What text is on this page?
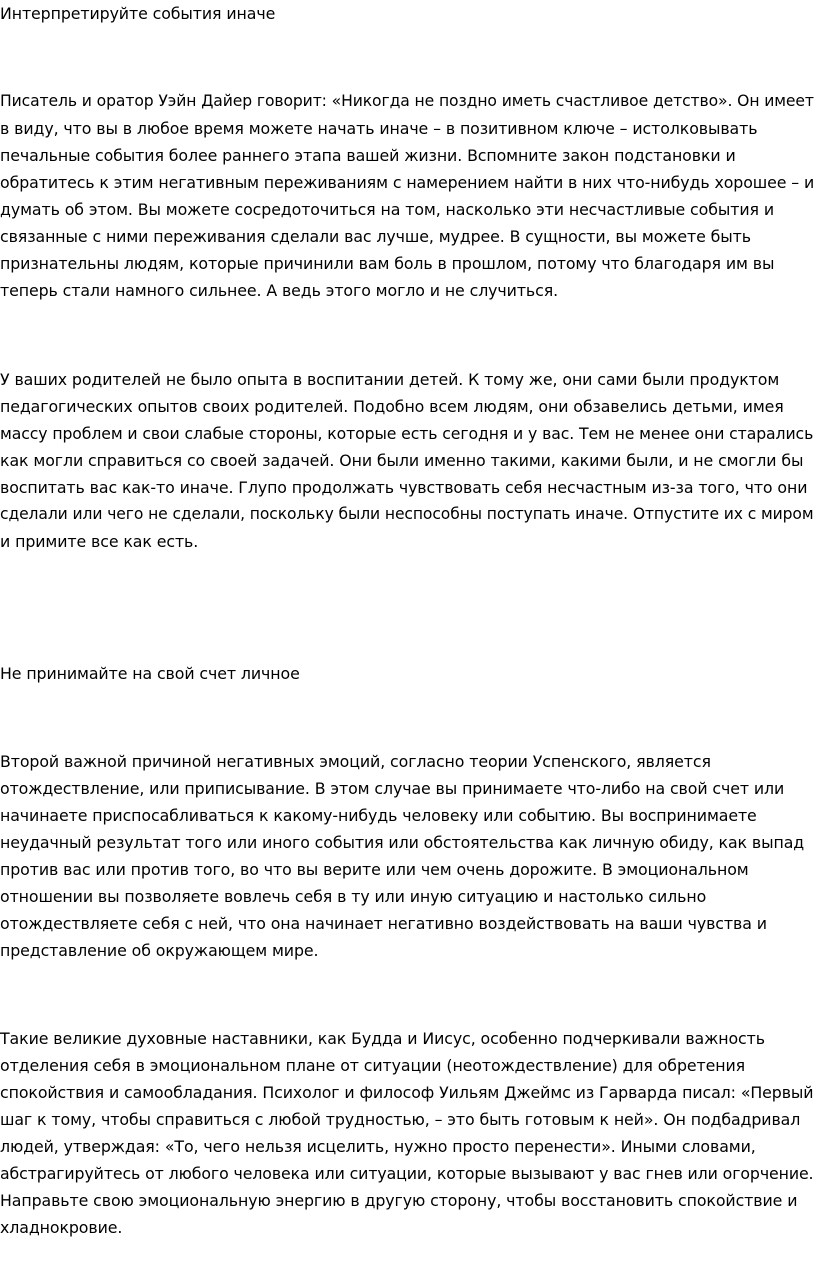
Интерпретируйте события иначе

Писатель и оратор Уэйн Дайер говорит: «Никогда не поздно иметь счастливое детство». Он имеет

в виду, что вы в любое время можете начать иначе – в позитивном ключе – истолковывать

печальные события более раннего этапа вашей жизни. Вспомните закон подстановки и

обратитесь к этим негативным переживаниям с намерением найти в них что-нибудь хорошее – и

думать об этом. Вы можете сосредоточиться на том, насколько эти несчастливые события и

связанные с ними переживания сделали вас лучше, мудрее. В сущности, вы можете быть

признательны людям, которые причинили вам боль в прошлом, потому что благодаря им вы

теперь стали намного сильнее. А ведь этого могло и не случиться.

У ваших родителей не было опыта в воспитании детей. К тому же, они сами были продуктом

педагогических опытов своих родителей. Подобно всем людям, они обзавелись детьми, имея

массу проблем и свои слабые стороны, которые есть сегодня и у вас. Тем не менее они старались

как могли справиться со своей задачей. Они были именно такими, какими были, и не смогли бы

воспитать вас как-то иначе. Глупо продолжать чувствовать себя несчастным из-за того, что они

сделали или чего не сделали, поскольку были неспособны поступать иначе. Отпустите их с миром

и примите все как есть.

Не принимайте на свой счет личное

Второй важной причиной негативных эмоций, согласно теории Успенского, является

отождествление, или приписывание. В этом случае вы принимаете что-либо на свой счет или

начинаете приспосабливаться к какому-нибудь человеку или событию. Вы воспринимаете

неудачный результат того или иного события или обстоятельства как личную обиду, как выпад

против вас или против того, во что вы верите или чем очень дорожите. В эмоциональном

отношении вы позволяете вовлечь себя в ту или иную ситуацию и настолько сильно

отождествляете себя с ней, что она начинает негативно воздействовать на ваши чувства и

представление об окружающем мире.

Такие великие духовные наставники, как Будда и Иисус, особенно подчеркивали важность

отделения себя в эмоциональном плане от ситуации (неотождествление) для обретения

спокойствия и самообладания. Психолог и философ Уильям Джеймс из Гарварда писал: «Первый

шаг к тому, чтобы справиться с любой трудностью, – это быть готовым к ней». Он подбадривал

людей, утверждая: «То, чего нельзя исцелить, нужно просто перенести». Иными словами,

абстрагируйтесь от любого человека или ситуации, которые вызывают у вас гнев или огорчение.

Направьте свою эмоциональную энергию в другую сторону, чтобы восстановить спокойствие и

хладнокровие.
